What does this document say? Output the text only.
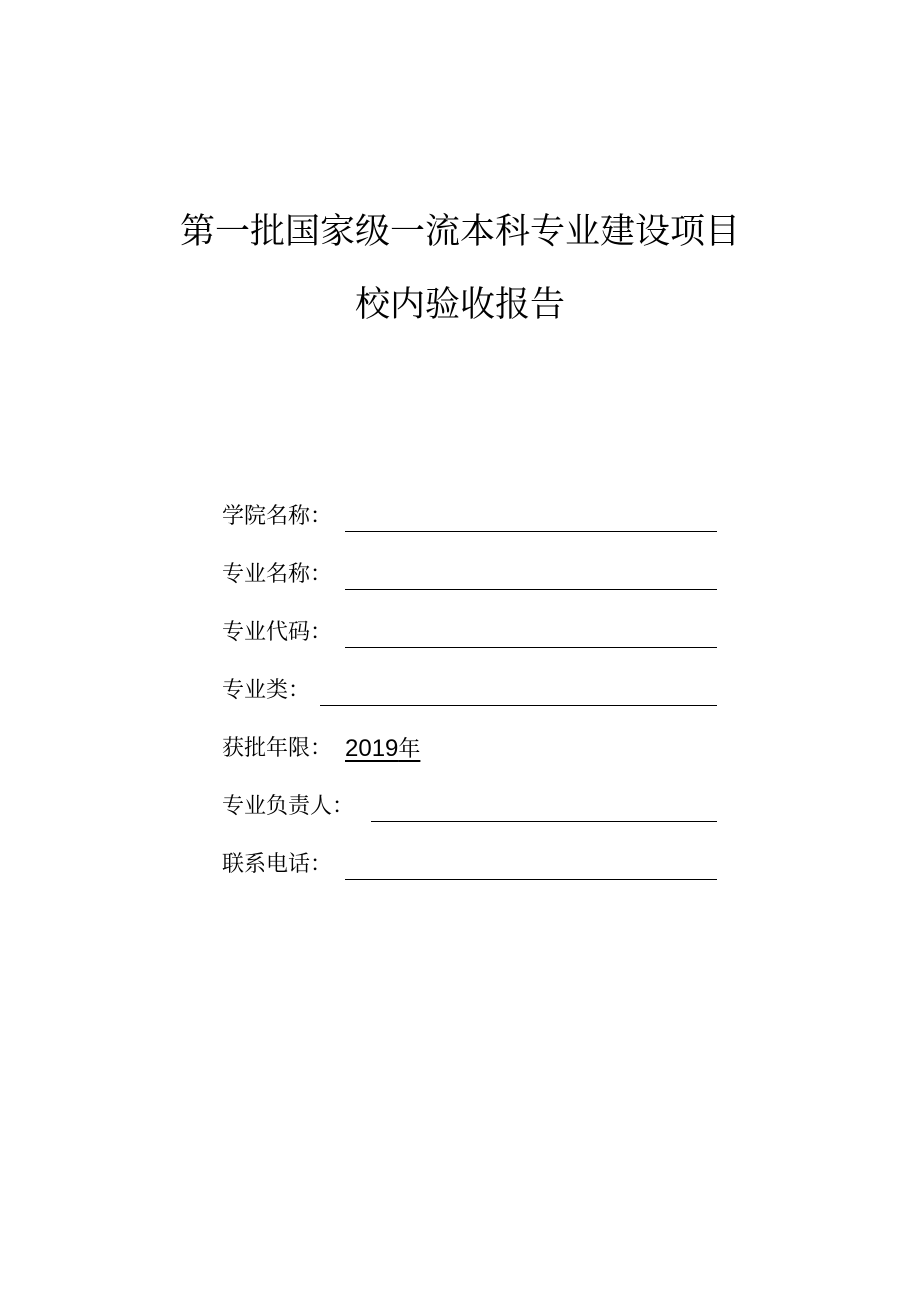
第一批国家级一流本科专业建设项目
校内验收报告
学院名称：
专业名称：
专业代码：
专业类：
获批年限： 2019年
专业负责人：
联系电话：
